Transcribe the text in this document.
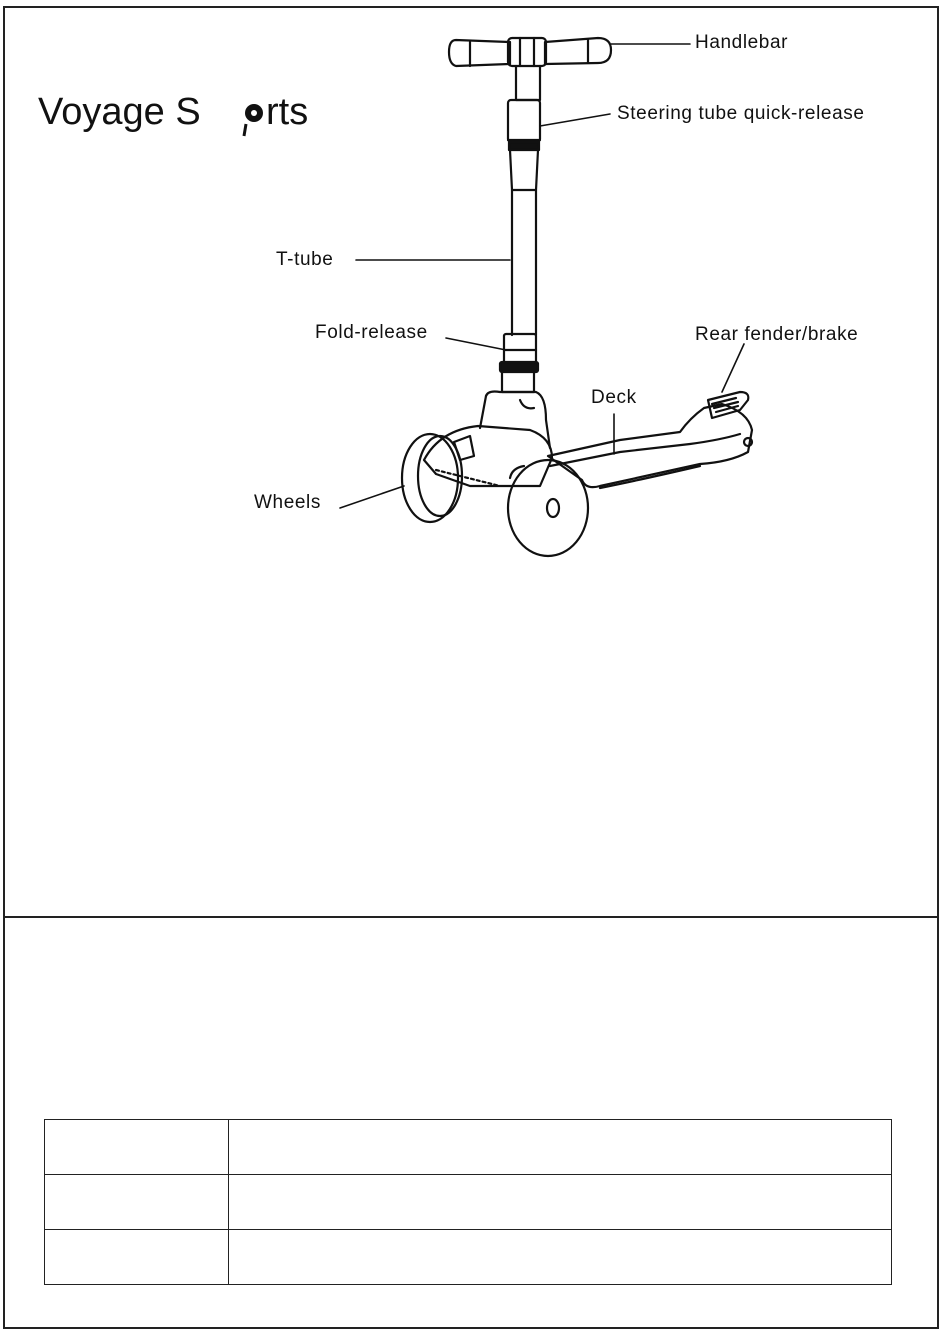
Voyage S rts
Handlebar
Steering tube quick-release
T-tube
Fold-release	Rear fender/brake
Deck
Wheels
